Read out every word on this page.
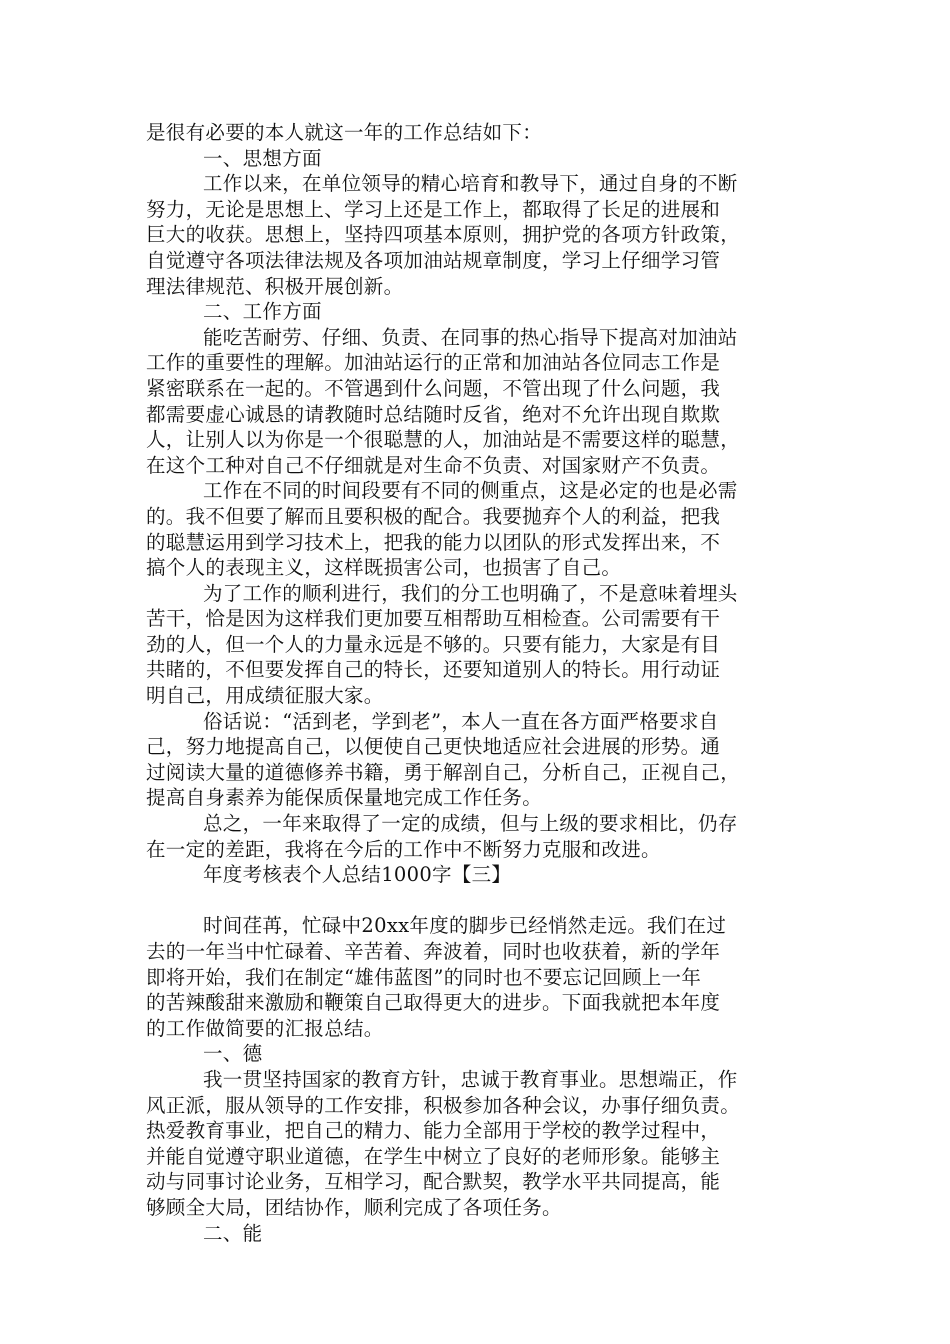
是很有必要的本人就这一年的工作总结如下：
一、思想方面
工作以来，在单位领导的精心培育和教导下，通过自身的不断
努力，无论是思想上、学习上还是工作上，都取得了长足的进展和
巨大的收获。思想上，坚持四项基本原则，拥护党的各项方针政策，
自觉遵守各项法律法规及各项加油站规章制度，学习上仔细学习管
理法律规范、积极开展创新。
二、工作方面
能吃苦耐劳、仔细、负责、在同事的热心指导下提高对加油站
工作的重要性的理解。加油站运行的正常和加油站各位同志工作是
紧密联系在一起的。不管遇到什么问题，不管出现了什么问题，我
都需要虚心诚恳的请教随时总结随时反省，绝对不允许出现自欺欺
人，让别人以为你是一个很聪慧的人，加油站是不需要这样的聪慧，
在这个工种对自己不仔细就是对生命不负责、对国家财产不负责。
工作在不同的时间段要有不同的侧重点，这是必定的也是必需
的。我不但要了解而且要积极的配合。我要抛弃个人的利益，把我
的聪慧运用到学习技术上，把我的能力以团队的形式发挥出来，不
搞个人的表现主义，这样既损害公司，也损害了自己。
为了工作的顺利进行，我们的分工也明确了，不是意味着埋头
苦干，恰是因为这样我们更加要互相帮助互相检查。公司需要有干
劲的人，但一个人的力量永远是不够的。只要有能力，大家是有目
共睹的，不但要发挥自己的特长，还要知道别人的特长。用行动证
明自己，用成绩征服大家。
俗话说：“活到老，学到老”，本人一直在各方面严格要求自
己，努力地提高自己，以便使自己更快地适应社会进展的形势。通
过阅读大量的道德修养书籍，勇于解剖自己，分析自己，正视自己，
提高自身素养为能保质保量地完成工作任务。
总之，一年来取得了一定的成绩，但与上级的要求相比，仍存
在一定的差距，我将在今后的工作中不断努力克服和改进。
年度考核表个人总结1000字【三】
时间荏苒，忙碌中20xx年度的脚步已经悄然走远。我们在过
去的一年当中忙碌着、辛苦着、奔波着，同时也收获着，新的学年
即将开始，我们在制定“雄伟蓝图”的同时也不要忘记回顾上一年
的苦辣酸甜来激励和鞭策自己取得更大的进步。下面我就把本年度
的工作做简要的汇报总结。
一、德
我一贯坚持国家的教育方针，忠诚于教育事业。思想端正，作
风正派，服从领导的工作安排，积极参加各种会议，办事仔细负责。
热爱教育事业，把自己的精力、能力全部用于学校的教学过程中，
并能自觉遵守职业道德，在学生中树立了良好的老师形象。能够主
动与同事讨论业务，互相学习，配合默契，教学水平共同提高，能
够顾全大局，团结协作，顺利完成了各项任务。
二、能
